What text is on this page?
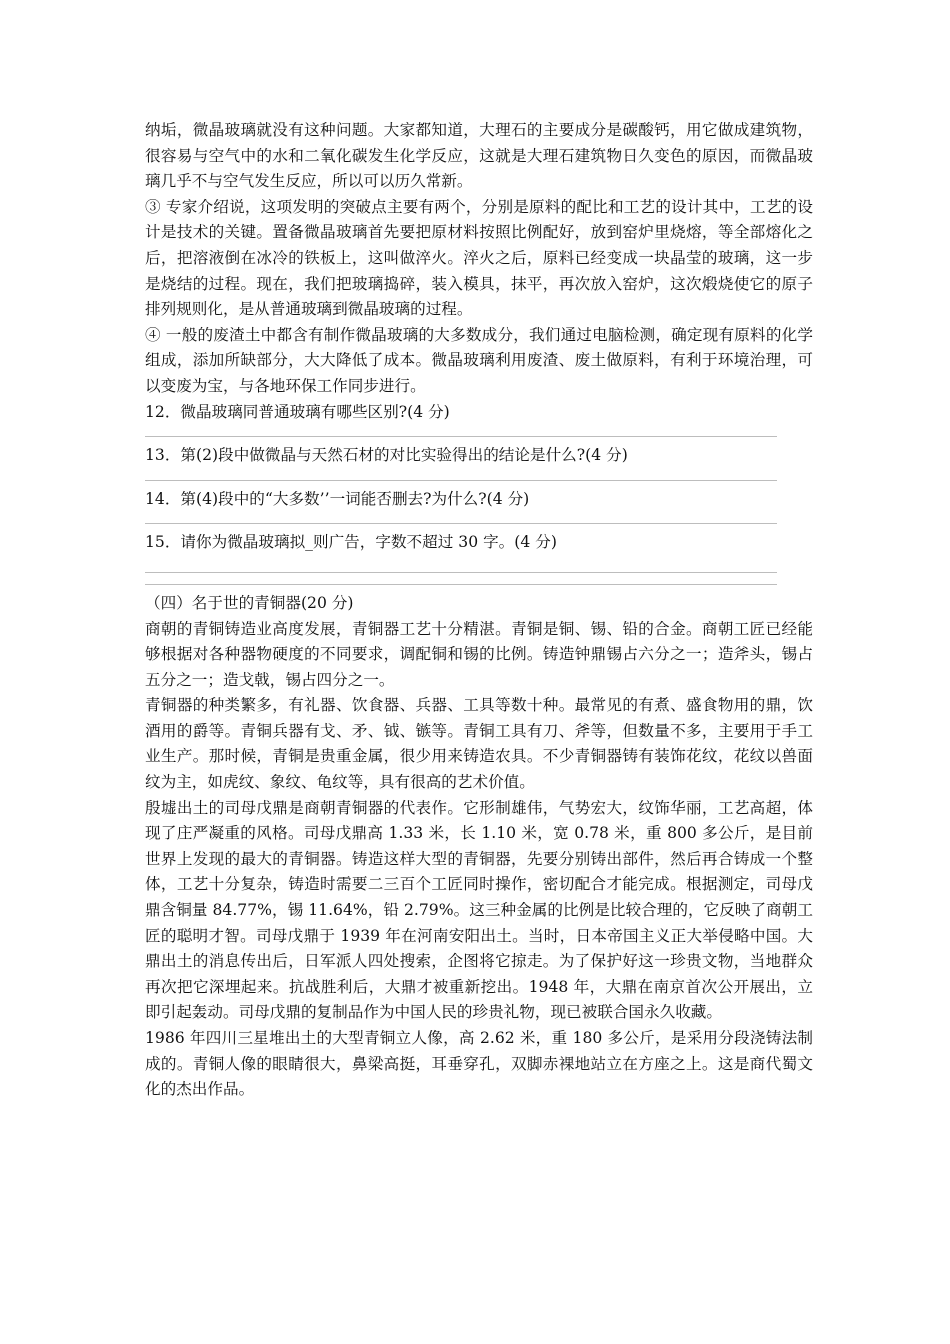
纳垢，微晶玻璃就没有这种问题。大家都知道，大理石的主要成分是碳酸钙，用它做成建筑物，很容易与空气中的水和二氧化碳发生化学反应，这就是大理石建筑物日久变色的原因，而微晶玻璃几乎不与空气发生反应，所以可以历久常新。

③ 专家介绍说，这项发明的突破点主要有两个，分别是原料的配比和工艺的设计其中，工艺的设计是技术的关键。置备微晶玻璃首先要把原材料按照比例配好，放到窑炉里烧熔，等全部熔化之后，把溶液倒在冰冷的铁板上，这叫做淬火。淬火之后，原料已经变成一块晶莹的玻璃，这一步是烧结的过程。现在，我们把玻璃捣碎，装入模具，抹平，再次放入窑炉，这次煅烧使它的原子排列规则化，是从普通玻璃到微晶玻璃的过程。

④ 一般的废渣土中都含有制作微晶玻璃的大多数成分，我们通过电脑检测，确定现有原料的化学组成，添加所缺部分，大大降低了成本。微晶玻璃利用废渣、废土做原料，有利于环境治理，可以变废为宝，与各地环保工作同步进行。

12．微晶玻璃同普通玻璃有哪些区别?(4 分)

13．第(2)段中做微晶与天然石材的对比实验得出的结论是什么?(4 分)

14．第(4)段中的“大多数’’一词能否删去?为什么?(4 分)

15．请你为微晶玻璃拟_则广告，字数不超过 30 字。(4 分)

（四）名于世的青铜器(20 分)

商朝的青铜铸造业高度发展，青铜器工艺十分精湛。青铜是铜、锡、铅的合金。商朝工匠已经能够根据对各种器物硬度的不同要求，调配铜和锡的比例。铸造钟鼎锡占六分之一；造斧头，锡占五分之一；造戈戟，锡占四分之一。

青铜器的种类繁多，有礼器、饮食器、兵器、工具等数十种。最常见的有煮、盛食物用的鼎，饮酒用的爵等。青铜兵器有戈、矛、钺、镞等。青铜工具有刀、斧等，但数量不多，主要用于手工业生产。那时候，青铜是贵重金属，很少用来铸造农具。不少青铜器铸有装饰花纹，花纹以兽面纹为主，如虎纹、象纹、龟纹等，具有很高的艺术价值。

殷墟出土的司母戊鼎是商朝青铜器的代表作。它形制雄伟，气势宏大，纹饰华丽，工艺高超，体现了庄严凝重的风格。司母戊鼎高 1.33 米，长 1.10 米，宽 0.78 米，重 800 多公斤，是目前世界上发现的最大的青铜器。铸造这样大型的青铜器，先要分别铸出部件，然后再合铸成一个整体，工艺十分复杂，铸造时需要二三百个工匠同时操作，密切配合才能完成。根据测定，司母戊鼎含铜量 84.77%，锡 11.64%，铅 2.79%。这三种金属的比例是比较合理的，它反映了商朝工匠的聪明才智。司母戊鼎于 1939 年在河南安阳出土。当时，日本帝国主义正大举侵略中国。大鼎出土的消息传出后，日军派人四处搜索，企图将它掠走。为了保护好这一珍贵文物，当地群众再次把它深埋起来。抗战胜利后，大鼎才被重新挖出。1948 年，大鼎在南京首次公开展出，立即引起轰动。司母戊鼎的复制品作为中国人民的珍贵礼物，现已被联合国永久收藏。

1986 年四川三星堆出土的大型青铜立人像，高 2.62 米，重 180 多公斤，是采用分段浇铸法制成的。青铜人像的眼睛很大，鼻梁高挺，耳垂穿孔，双脚赤裸地站立在方座之上。这是商代蜀文化的杰出作品。
